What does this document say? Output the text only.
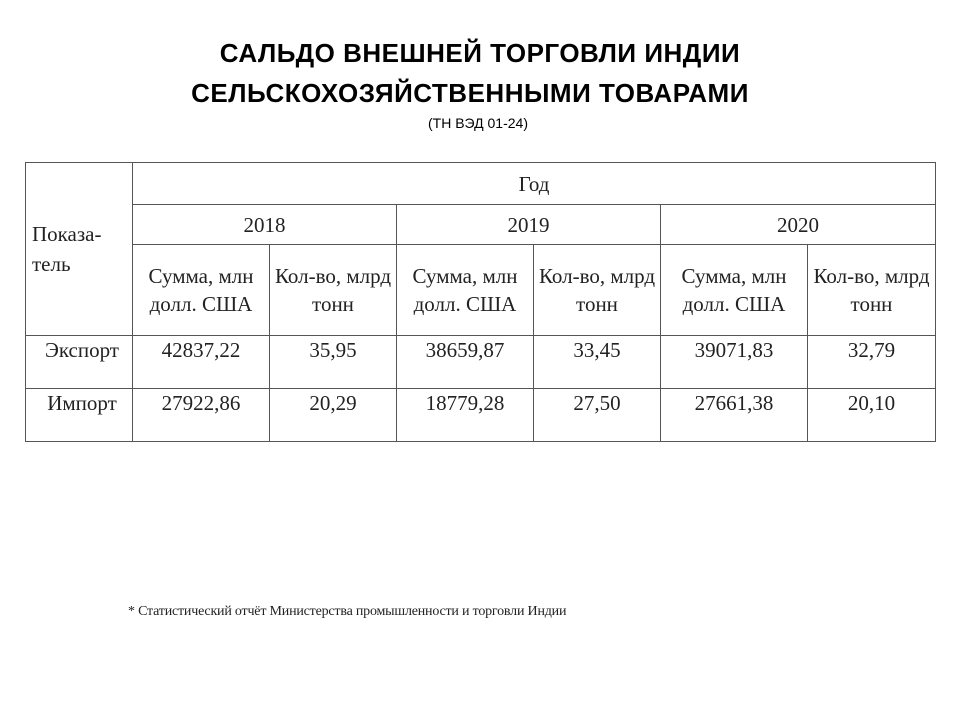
САЛЬДО ВНЕШНЕЙ ТОРГОВЛИ ИНДИИ
СЕЛЬСКОХОЗЯЙСТВЕННЫМИ ТОВАРАМИ
(ТН ВЭД 01-24)
Показа-тель	Год					
	2018		2019		2020	
	Сумма, млн долл. США	Кол-во, млрд тонн	Сумма, млн долл. США	Кол-во, млрд тонн	Сумма, млн долл. США	Кол-во, млрд тонн
Экспорт	42837,22	35,95	38659,87	33,45	39071,83	32,79
Импорт	27922,86	20,29	18779,28	27,50	27661,38	20,10
* Статистический отчёт Министерства промышленности и торговли Индии
